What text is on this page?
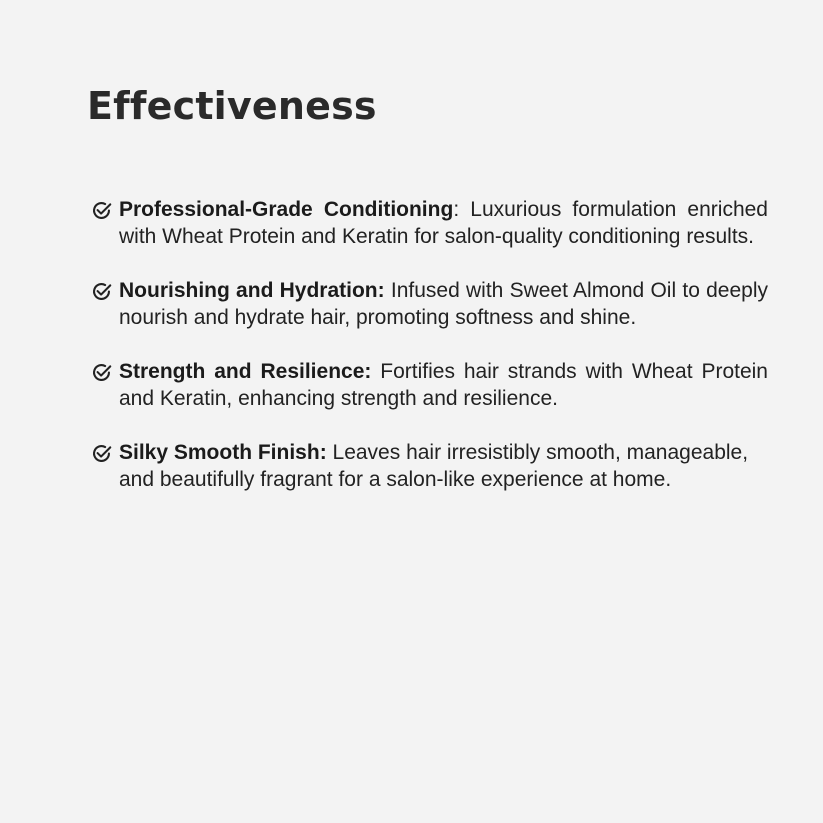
Effectiveness
Professional-Grade Conditioning: Luxurious formulation enriched with Wheat Protein and Keratin for salon-quality conditioning results.
Nourishing and Hydration: Infused with Sweet Almond Oil to deeply nourish and hydrate hair, promoting softness and shine.
Strength and Resilience: Fortifies hair strands with Wheat Protein and Keratin, enhancing strength and resilience.
Silky Smooth Finish: Leaves hair irresistibly smooth, manageable, and beautifully fragrant for a salon-like experience at home.
